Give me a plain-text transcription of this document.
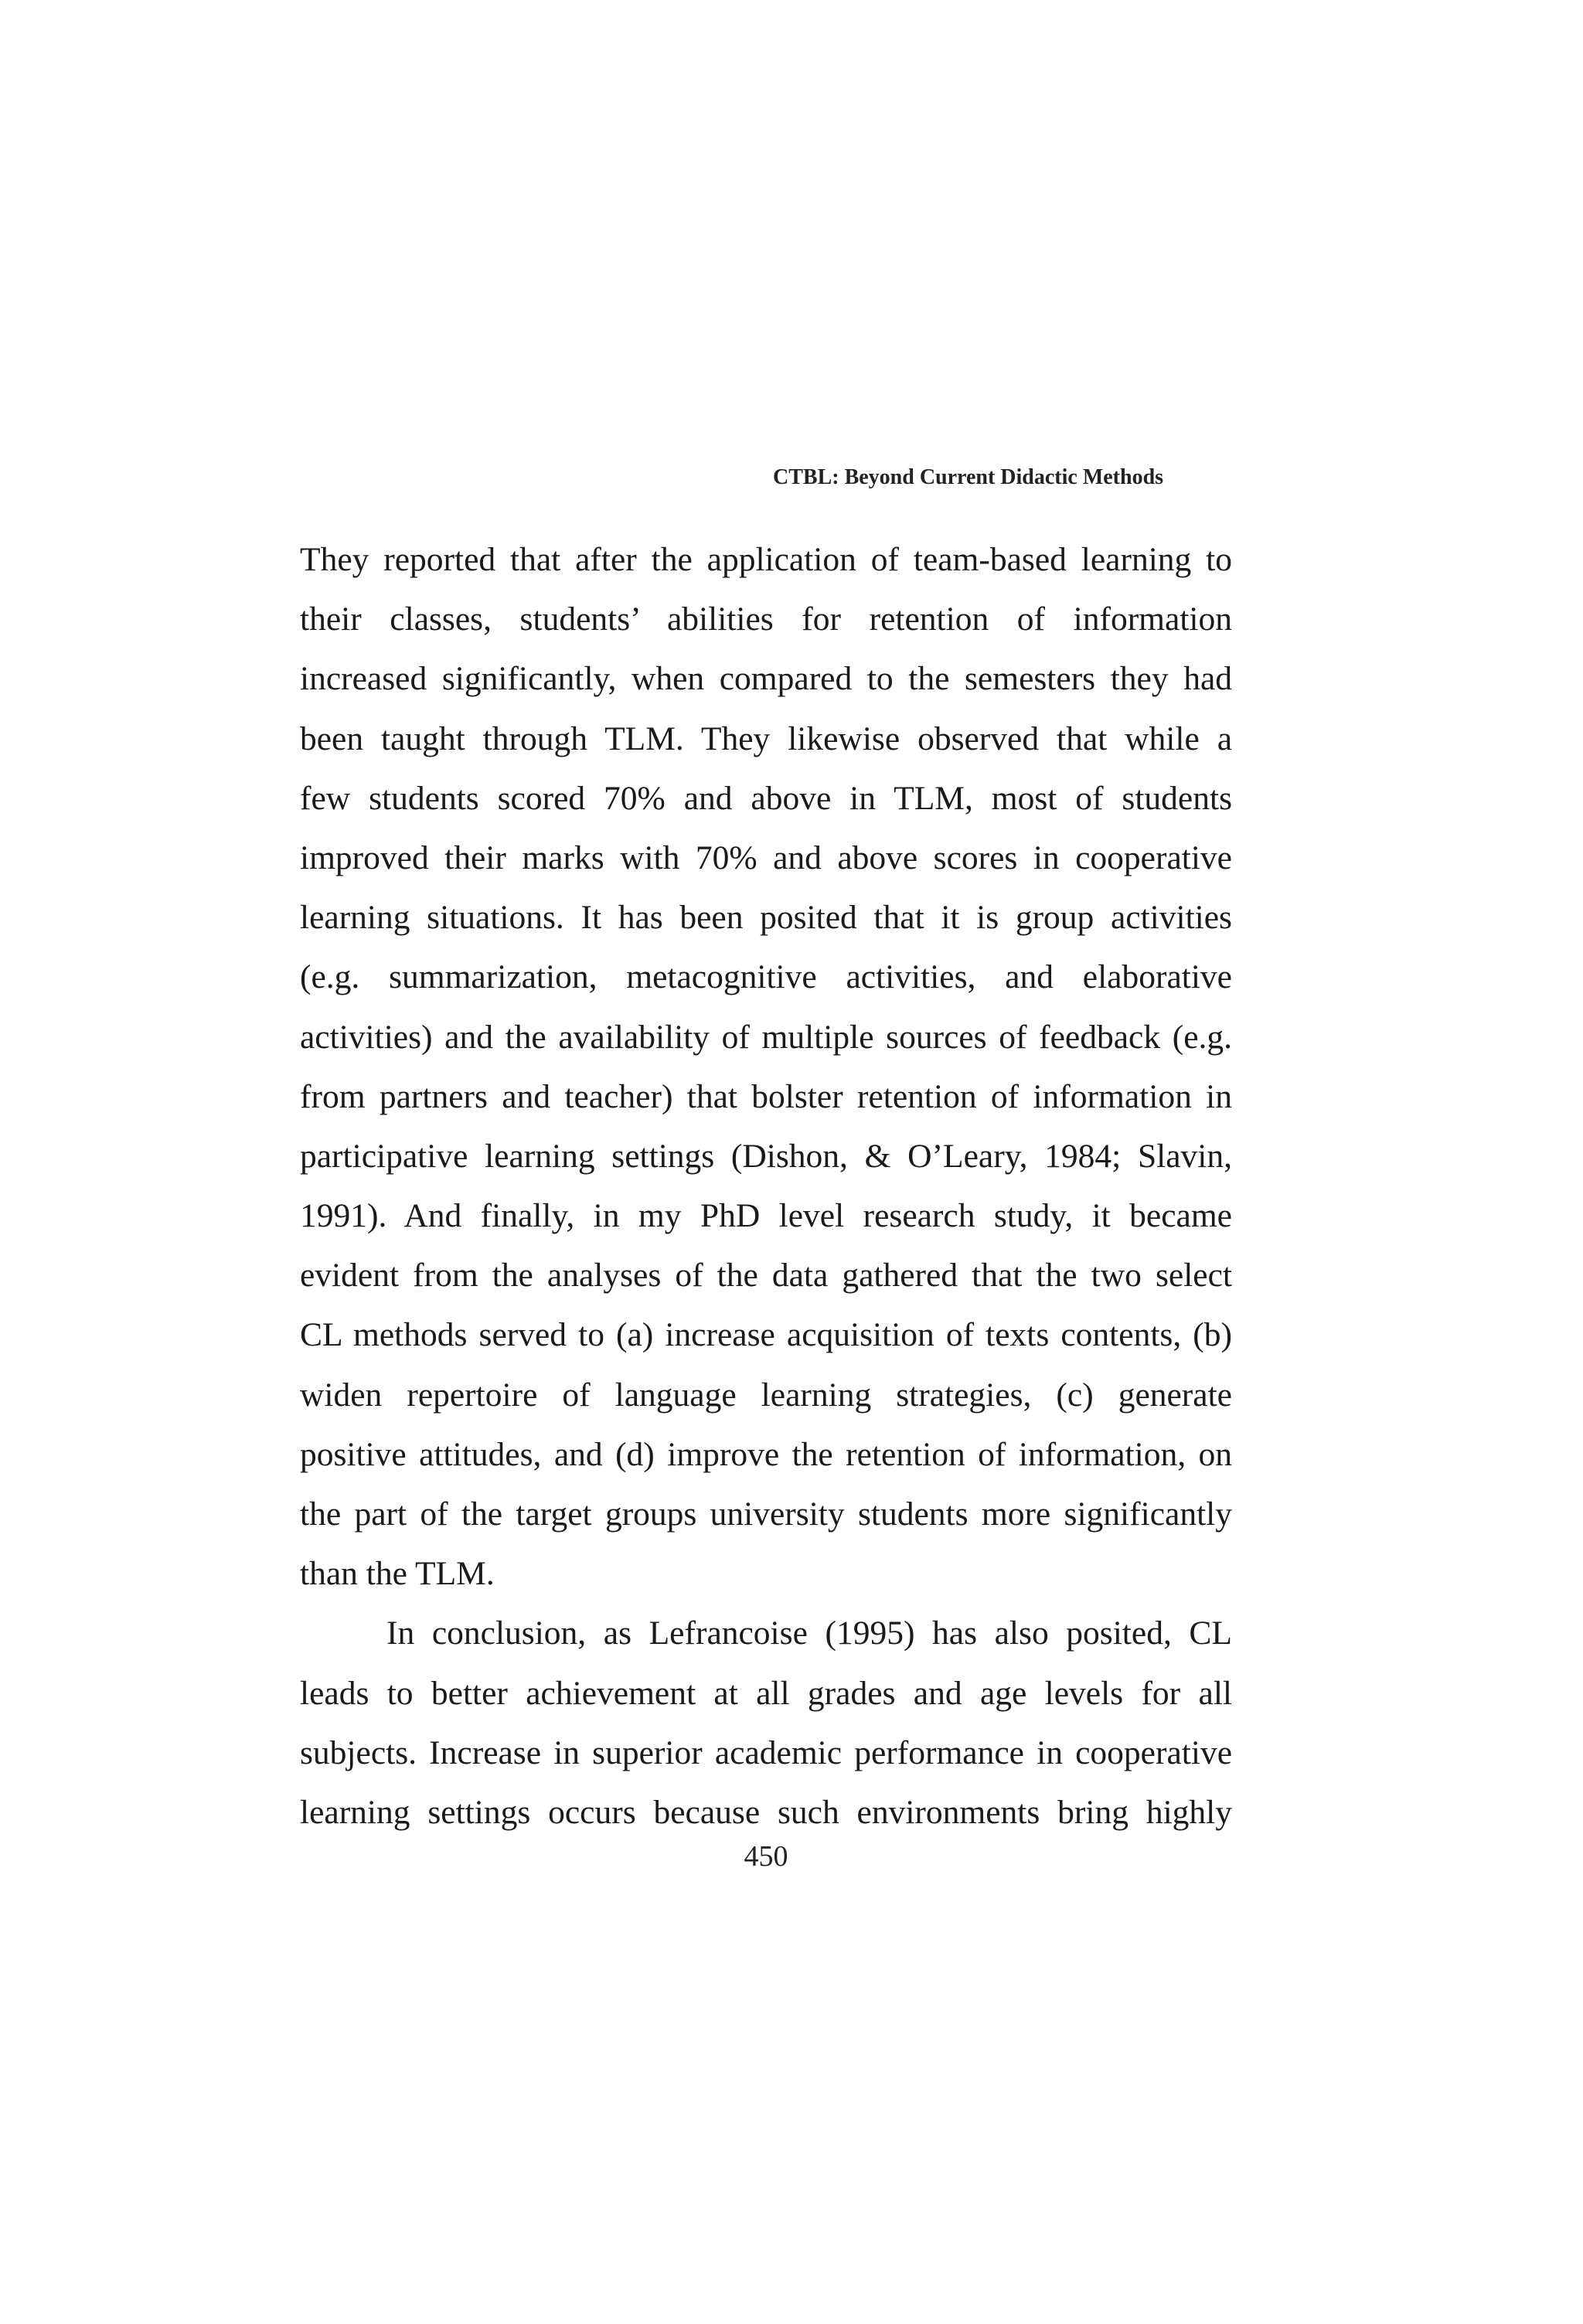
CTBL: Beyond Current Didactic Methods
They reported that after the application of team-based learning to
their classes, students’ abilities for retention of information
increased significantly, when compared to the semesters they had
been taught through TLM. They likewise observed that while a
few students scored 70% and above in TLM, most of students
improved their marks with 70% and above scores in cooperative
learning situations. It has been posited that it is group activities
(e.g. summarization, metacognitive activities, and elaborative
activities) and the availability of multiple sources of feedback (e.g.
from partners and teacher) that bolster retention of information in
participative learning settings (Dishon, & O’Leary, 1984; Slavin,
1991). And finally, in my PhD level research study, it became
evident from the analyses of the data gathered that the two select
CL methods served to (a) increase acquisition of texts contents, (b)
widen repertoire of language learning strategies, (c) generate
positive attitudes, and (d) improve the retention of information, on
the part of the target groups university students more significantly
than the TLM.
In conclusion, as Lefrancoise (1995) has also posited, CL
leads to better achievement at all grades and age levels for all
subjects. Increase in superior academic performance in cooperative
learning settings occurs because such environments bring highly
450
